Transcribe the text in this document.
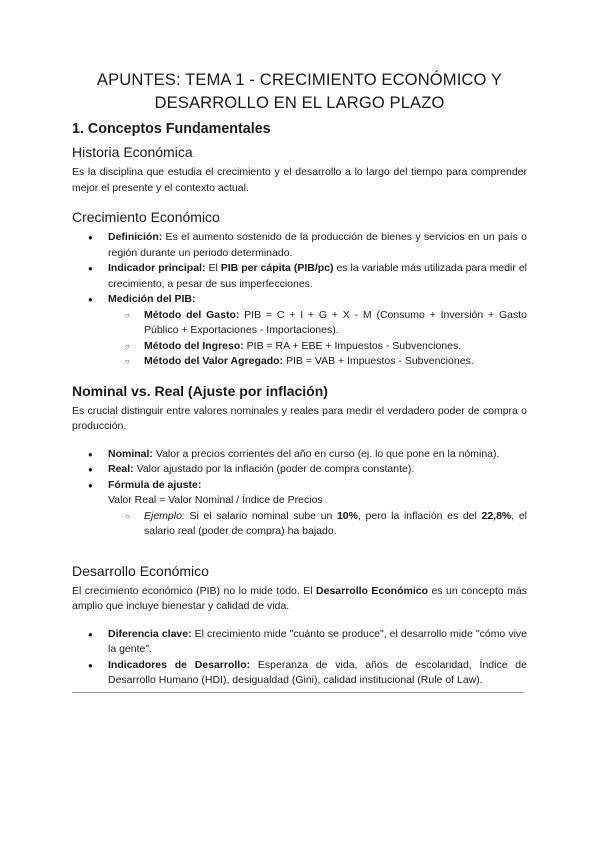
APUNTES: TEMA 1 - CRECIMIENTO ECONÓMICO Y
DESARROLLO EN EL LARGO PLAZO
1. Conceptos Fundamentales
Historia Económica

Es la disciplina que estudia el crecimiento y el desarrollo a lo largo del tiempo para comprender mejor el presente y el contexto actual.

Crecimiento Económico
● Definición: Es el aumento sostenido de la producción de bienes y servicios en un país o región durante un periodo determinado.
● Indicador principal: El PIB per cápita (PIB/pc) es la variable más utilizada para medir el crecimiento, a pesar de sus imperfecciones.
● Medición del PIB:
○ Método del Gasto: PIB = C + I + G + X - M (Consumo + Inversión + Gasto Público + Exportaciones - Importaciones).
○ Método del Ingreso: PIB = RA + EBE + Impuestos - Subvenciones.
○ Método del Valor Agregado: PIB = VAB + Impuestos - Subvenciones.
Nominal vs. Real (Ajuste por inflación)

Es crucial distinguir entre valores nominales y reales para medir el verdadero poder de compra o producción.

● Nominal: Valor a precios corrientes del año en curso (ej. lo que pone en la nómina).
● Real: Valor ajustado por la inflación (poder de compra constante).
● Fórmula de ajuste:

Valor Real = Valor Nominal / Índice de Precios

○ Ejemplo: Si el salario nominal sube un 10%, pero la inflación es del 22,8%, el salario real (poder de compra) ha bajado.
Desarrollo Económico

El crecimiento económico (PIB) no lo mide todo. El Desarrollo Económico es un concepto más amplio que incluye bienestar y calidad de vida.

● Diferencia clave: El crecimiento mide "cuánto se produce", el desarrollo mide "cómo vive la gente".
● Indicadores de Desarrollo: Esperanza de vida, años de escolaridad, Índice de Desarrollo Humano (HDI), desigualdad (Gini), calidad institucional (Rule of Law).
